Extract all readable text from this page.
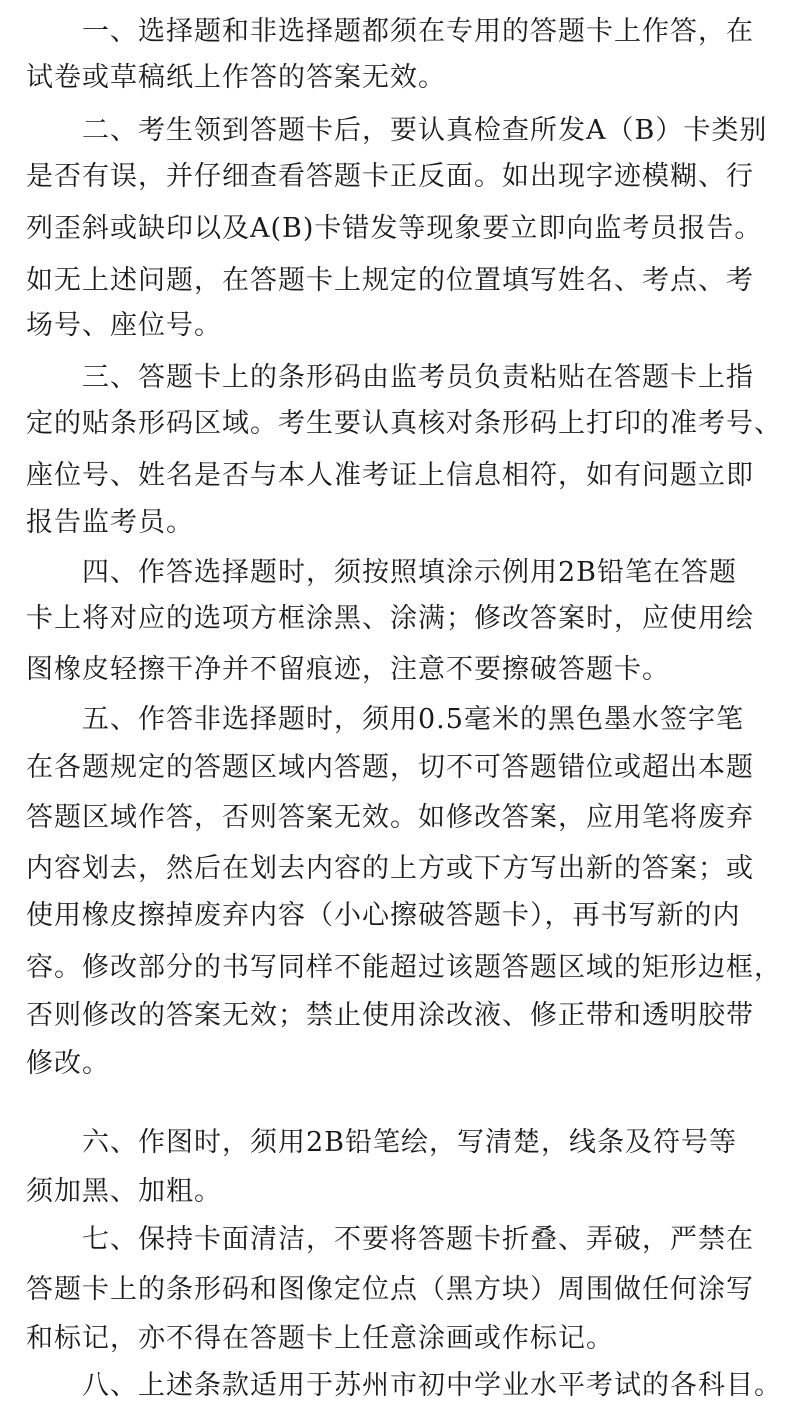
一、选择题和非选择题都须在专用的答题卡上作答，在
试卷或草稿纸上作答的答案无效。
二、考生领到答题卡后，要认真检查所发A（B）卡类别
是否有误，并仔细查看答题卡正反面。如出现字迹模糊、行
列歪斜或缺印以及A(B)卡错发等现象要立即向监考员报告。
如无上述问题，在答题卡上规定的位置填写姓名、考点、考
场号、座位号。
三、答题卡上的条形码由监考员负责粘贴在答题卡上指
定的贴条形码区域。考生要认真核对条形码上打印的准考号、
座位号、姓名是否与本人准考证上信息相符，如有问题立即
报告监考员。
四、作答选择题时，须按照填涂示例用2B铅笔在答题
卡上将对应的选项方框涂黑、涂满；修改答案时，应使用绘
图橡皮轻擦干净并不留痕迹，注意不要擦破答题卡。
五、作答非选择题时，须用0.5毫米的黑色墨水签字笔
在各题规定的答题区域内答题，切不可答题错位或超出本题
答题区域作答，否则答案无效。如修改答案，应用笔将废弃
内容划去，然后在划去内容的上方或下方写出新的答案；或
使用橡皮擦掉废弃内容（小心擦破答题卡），再书写新的内
容。修改部分的书写同样不能超过该题答题区域的矩形边框，
否则修改的答案无效；禁止使用涂改液、修正带和透明胶带
修改。
六、作图时，须用2B铅笔绘，写清楚，线条及符号等
须加黑、加粗。
七、保持卡面清洁，不要将答题卡折叠、弄破，严禁在
答题卡上的条形码和图像定位点（黑方块）周围做任何涂写
和标记，亦不得在答题卡上任意涂画或作标记。
八、上述条款适用于苏州市初中学业水平考试的各科目。
